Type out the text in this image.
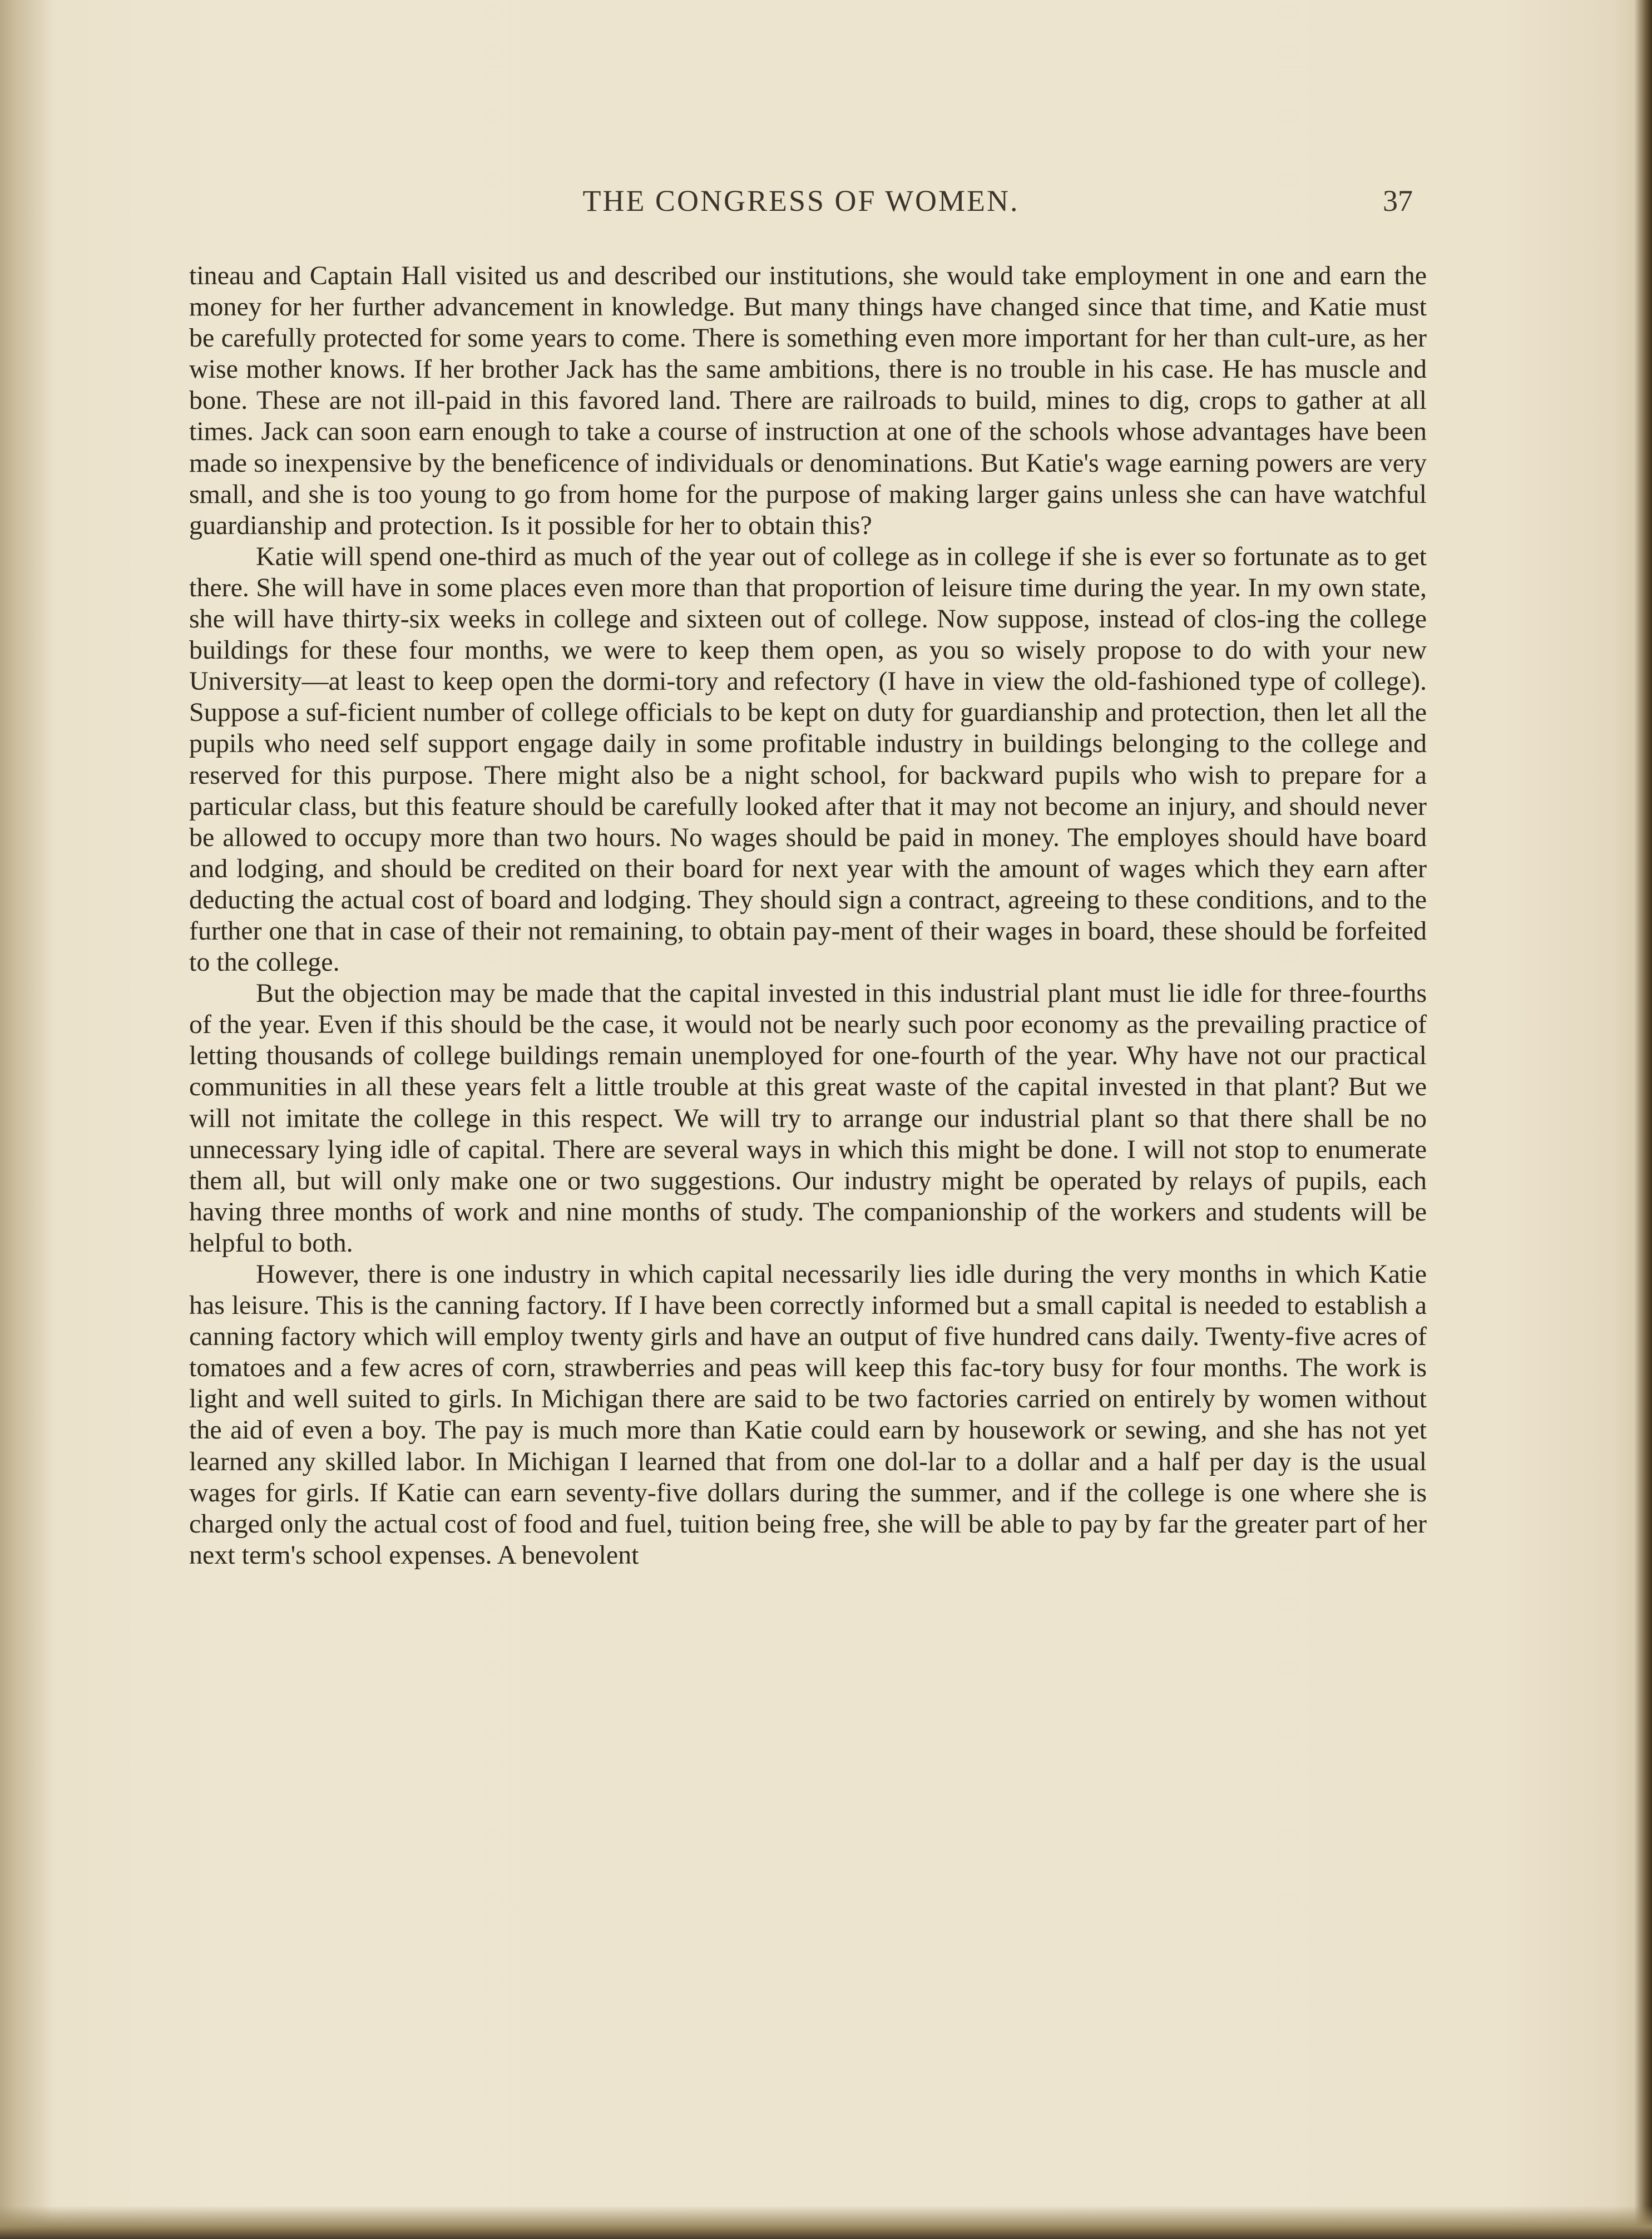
THE CONGRESS OF WOMEN.	37

tineau and Captain Hall visited us and described our institutions, she would take employment in one and earn the money for her further advancement in knowledge. But many things have changed since that time, and Katie must be carefully protected for some years to come. There is something even more important for her than cult-ure, as her wise mother knows. If her brother Jack has the same ambitions, there is no trouble in his case. He has muscle and bone. These are not ill-paid in this favored land. There are railroads to build, mines to dig, crops to gather at all times. Jack can soon earn enough to take a course of instruction at one of the schools whose advantages have been made so inexpensive by the beneficence of individuals or denominations. But Katie's wage earning powers are very small, and she is too young to go from home for the purpose of making larger gains unless she can have watchful guardianship and protection. Is it possible for her to obtain this?

Katie will spend one-third as much of the year out of college as in college if she is ever so fortunate as to get there. She will have in some places even more than that proportion of leisure time during the year. In my own state, she will have thirty-six weeks in college and sixteen out of college. Now suppose, instead of clos-ing the college buildings for these four months, we were to keep them open, as you so wisely propose to do with your new University—at least to keep open the dormi-tory and refectory (I have in view the old-fashioned type of college). Suppose a suf-ficient number of college officials to be kept on duty for guardianship and protection, then let all the pupils who need self support engage daily in some profitable industry in buildings belonging to the college and reserved for this purpose. There might also be a night school, for backward pupils who wish to prepare for a particular class, but this feature should be carefully looked after that it may not become an injury, and should never be allowed to occupy more than two hours. No wages should be paid in money. The employes should have board and lodging, and should be credited on their board for next year with the amount of wages which they earn after deducting the actual cost of board and lodging. They should sign a contract, agreeing to these conditions, and to the further one that in case of their not remaining, to obtain pay-ment of their wages in board, these should be forfeited to the college.

But the objection may be made that the capital invested in this industrial plant must lie idle for three-fourths of the year. Even if this should be the case, it would not be nearly such poor economy as the prevailing practice of letting thousands of college buildings remain unemployed for one-fourth of the year. Why have not our practical communities in all these years felt a little trouble at this great waste of the capital invested in that plant? But we will not imitate the college in this respect. We will try to arrange our industrial plant so that there shall be no unnecessary lying idle of capital. There are several ways in which this might be done. I will not stop to enumerate them all, but will only make one or two suggestions. Our industry might be operated by relays of pupils, each having three months of work and nine months of study. The companionship of the workers and students will be helpful to both.

However, there is one industry in which capital necessarily lies idle during the very months in which Katie has leisure. This is the canning factory. If I have been correctly informed but a small capital is needed to establish a canning factory which will employ twenty girls and have an output of five hundred cans daily. Twenty-five acres of tomatoes and a few acres of corn, strawberries and peas will keep this fac-tory busy for four months. The work is light and well suited to girls. In Michigan there are said to be two factories carried on entirely by women without the aid of even a boy. The pay is much more than Katie could earn by housework or sewing, and she has not yet learned any skilled labor. In Michigan I learned that from one dol-lar to a dollar and a half per day is the usual wages for girls. If Katie can earn seventy-five dollars during the summer, and if the college is one where she is charged only the actual cost of food and fuel, tuition being free, she will be able to pay by far the greater part of her next term's school expenses. A benevolent
